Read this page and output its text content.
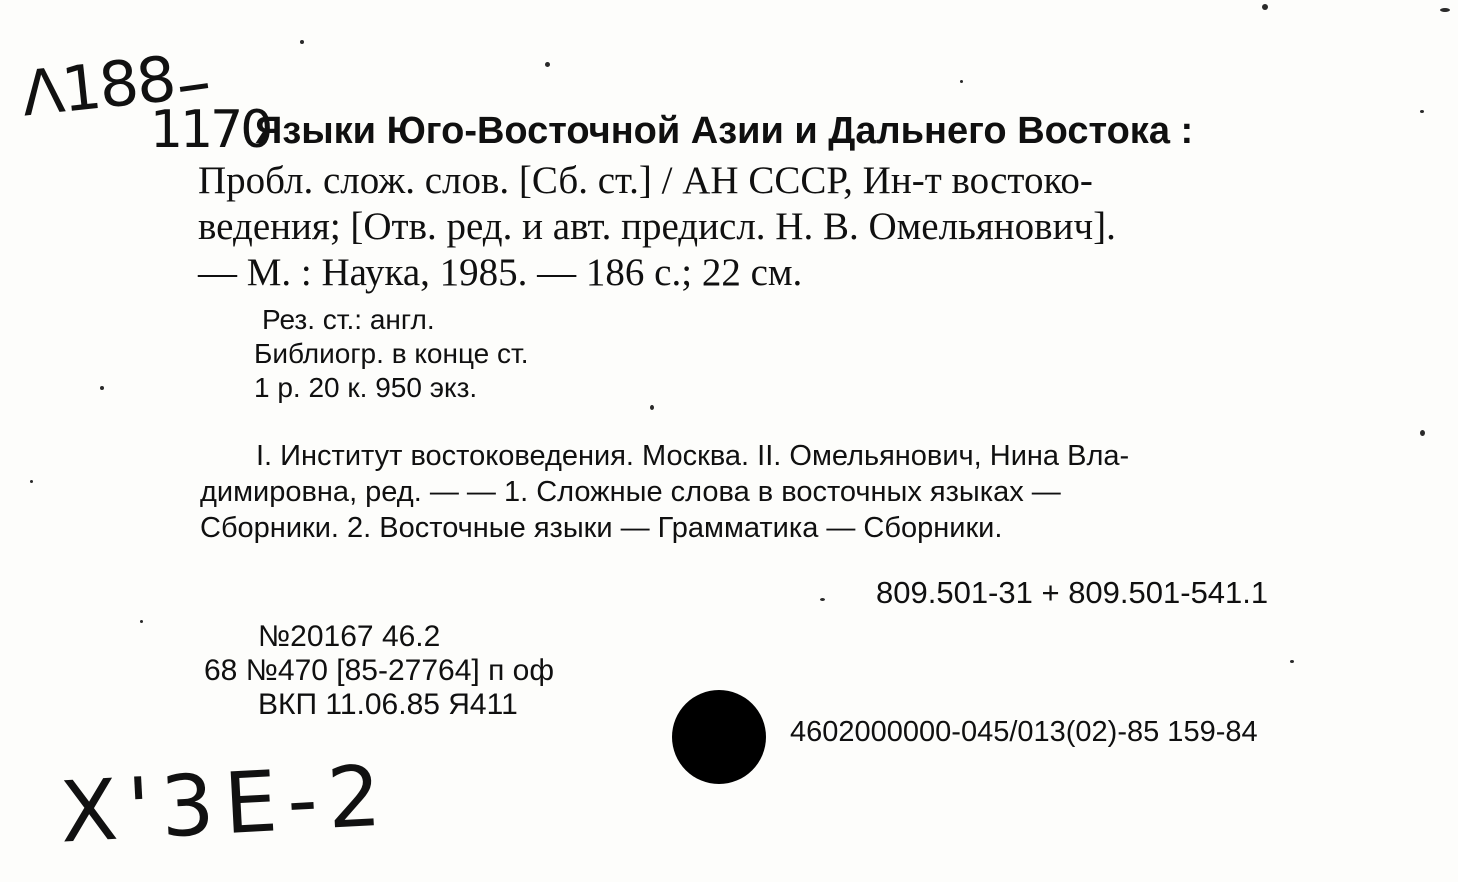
Λ188
1170
Языки Юго-Восточной Азии и Дальнего Востока :
Пробл. слож. слов. [Сб. ст.] / АН СССР, Ин-т востоко-
ведения; [Отв. ред. и авт. предисл. Н. В. Омельянович].
— М. : Наука, 1985. — 186 с.; 22 см.
Рез. ст.: англ.
Библиогр. в конце ст.
1 р. 20 к. 950 экз.
I. Институт востоковедения. Москва. II. Омельянович, Нина Вла-
димировна, ред. — — 1. Сложные слова в восточных языках —
Сборники. 2. Восточные языки — Грамматика — Сборники.
809.501-31 + 809.501-541.1
№20167 46.2
68 №470 [85-27764] п оф
ВКП 11.06.85 Я411
4602000000-045/013(02)-85 159-84
Х'3E-2
